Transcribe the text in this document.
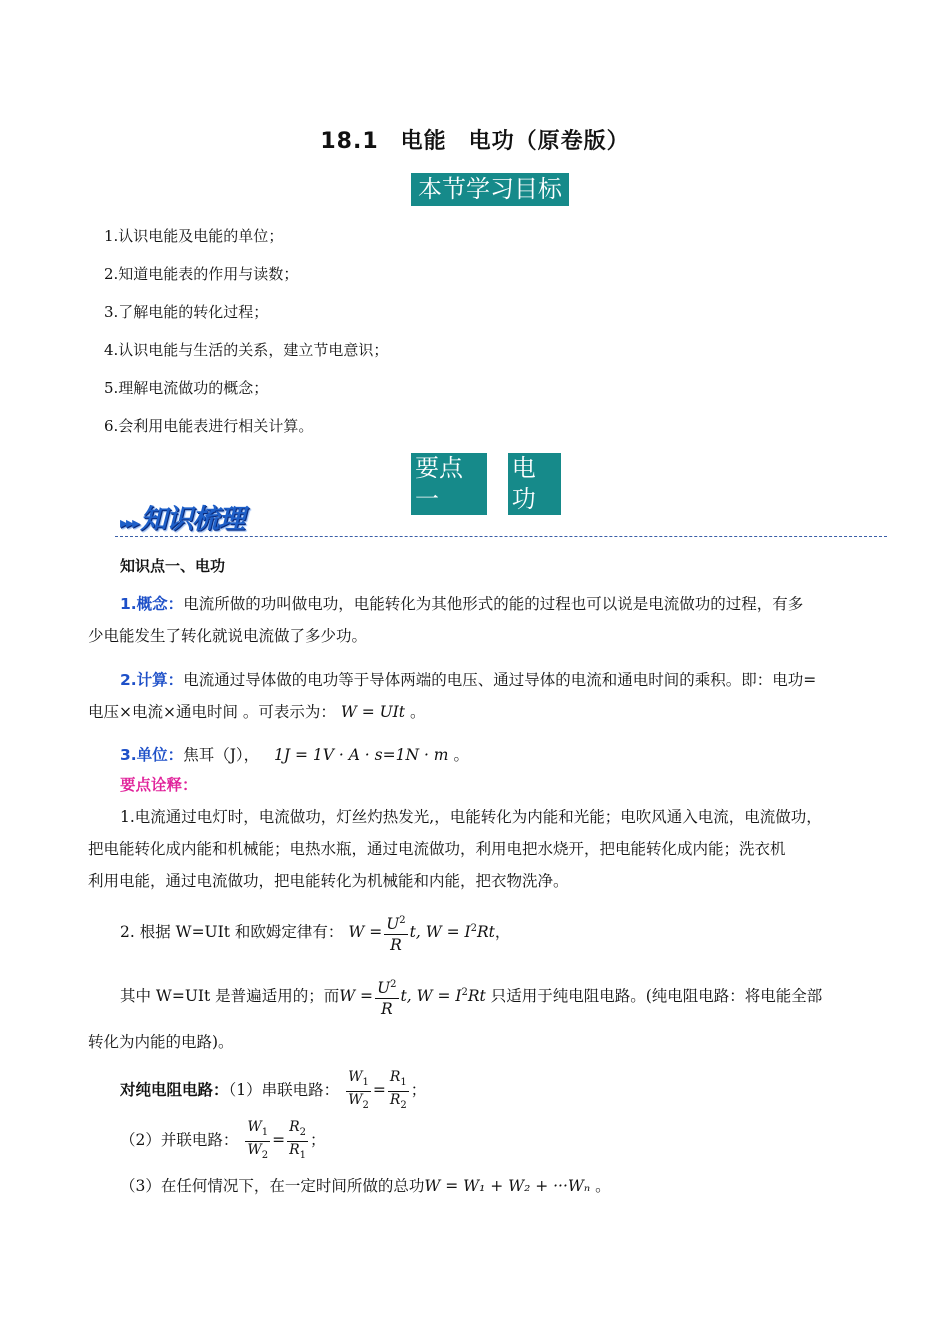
18.1 电能 电功（原卷版）
本节学习目标
1.认识电能及电能的单位；
2.知道电能表的作用与读数；
3.了解电能的转化过程；
4.认识电能与生活的关系，建立节电意识；
5.理解电流做功的概念；
6.会利用电能表进行相关计算。
要点一
电功
▸▸▸知识梳理
知识点一、电功
1.概念：电流所做的功叫做电功，电能转化为其他形式的能的过程也可以说是电流做功的过程，有多
少电能发生了转化就说电流做了多少功。
2.计算：电流通过导体做的电功等于导体两端的电压、通过导体的电流和通电时间的乘积。即：电功=
电压×电流×通电时间 。可表示为： W = UIt 。
3.单位：焦耳（J）， 1J = 1V · A · s=1N · m 。
要点诠释：
1.电流通过电灯时，电流做功，灯丝灼热发光,，电能转化为内能和光能；电吹风通入电流，电流做功，
把电能转化成内能和机械能；电热水瓶，通过电流做功，利用电把水烧开，把电能转化成内能；洗衣机
利用电能，通过电流做功，把电能转化为机械能和内能，把衣物洗净。
2. 根据 W=UIt 和欧姆定律有： $W = \frac{U^2}{R} t$, $W = I^2Rt$，
其中 W=UIt 是普遍适用的；而$W = \frac{U^2}{R} t$, $W = I^2Rt$ 只适用于纯电阻电路。(纯电阻电路：将电能全部
转化为内能的电路)。
对纯电阻电路：（1）串联电路： $\frac{W_1}{W_2} = \frac{R_1}{R_2}$ ；
（2）并联电路： $\frac{W_1}{W_2} = \frac{R_2}{R_1}$ ；
（3）在任何情况下，在一定时间所做的总功W = W₁ + W₂ + ···Wₙ 。
